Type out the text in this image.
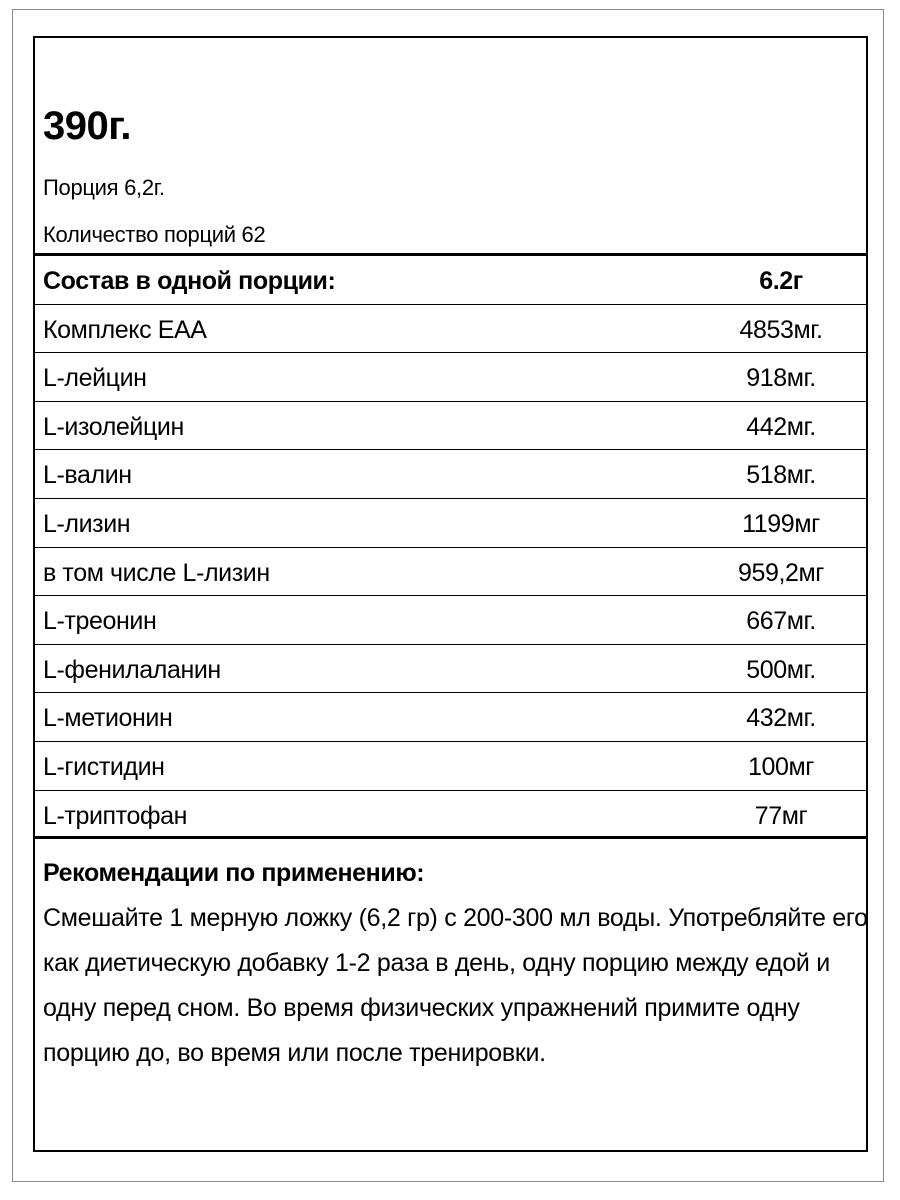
390г.
Порция 6,2г.
Количество порций 62
Состав в одной порции:	6.2г
Комплекс ЕАА	4853мг.
L-лейцин	918мг.
L-изолейцин	442мг.
L-валин	518мг.
L-лизин	1199мг
в том числе L-лизин	959,2мг
L-треонин	667мг.
L-фенилаланин	500мг.
L-метионин	432мг.
L-гистидин	100мг
L-триптофан	77мг
Рекомендации по применению:
Смешайте 1 мерную ложку (6,2 гр) с 200-300 мл воды. Употребляйте его как диетическую добавку 1-2 раза в день, одну порцию между едой и одну перед сном. Во время физических упражнений примите одну порцию до, во время или после тренировки.
